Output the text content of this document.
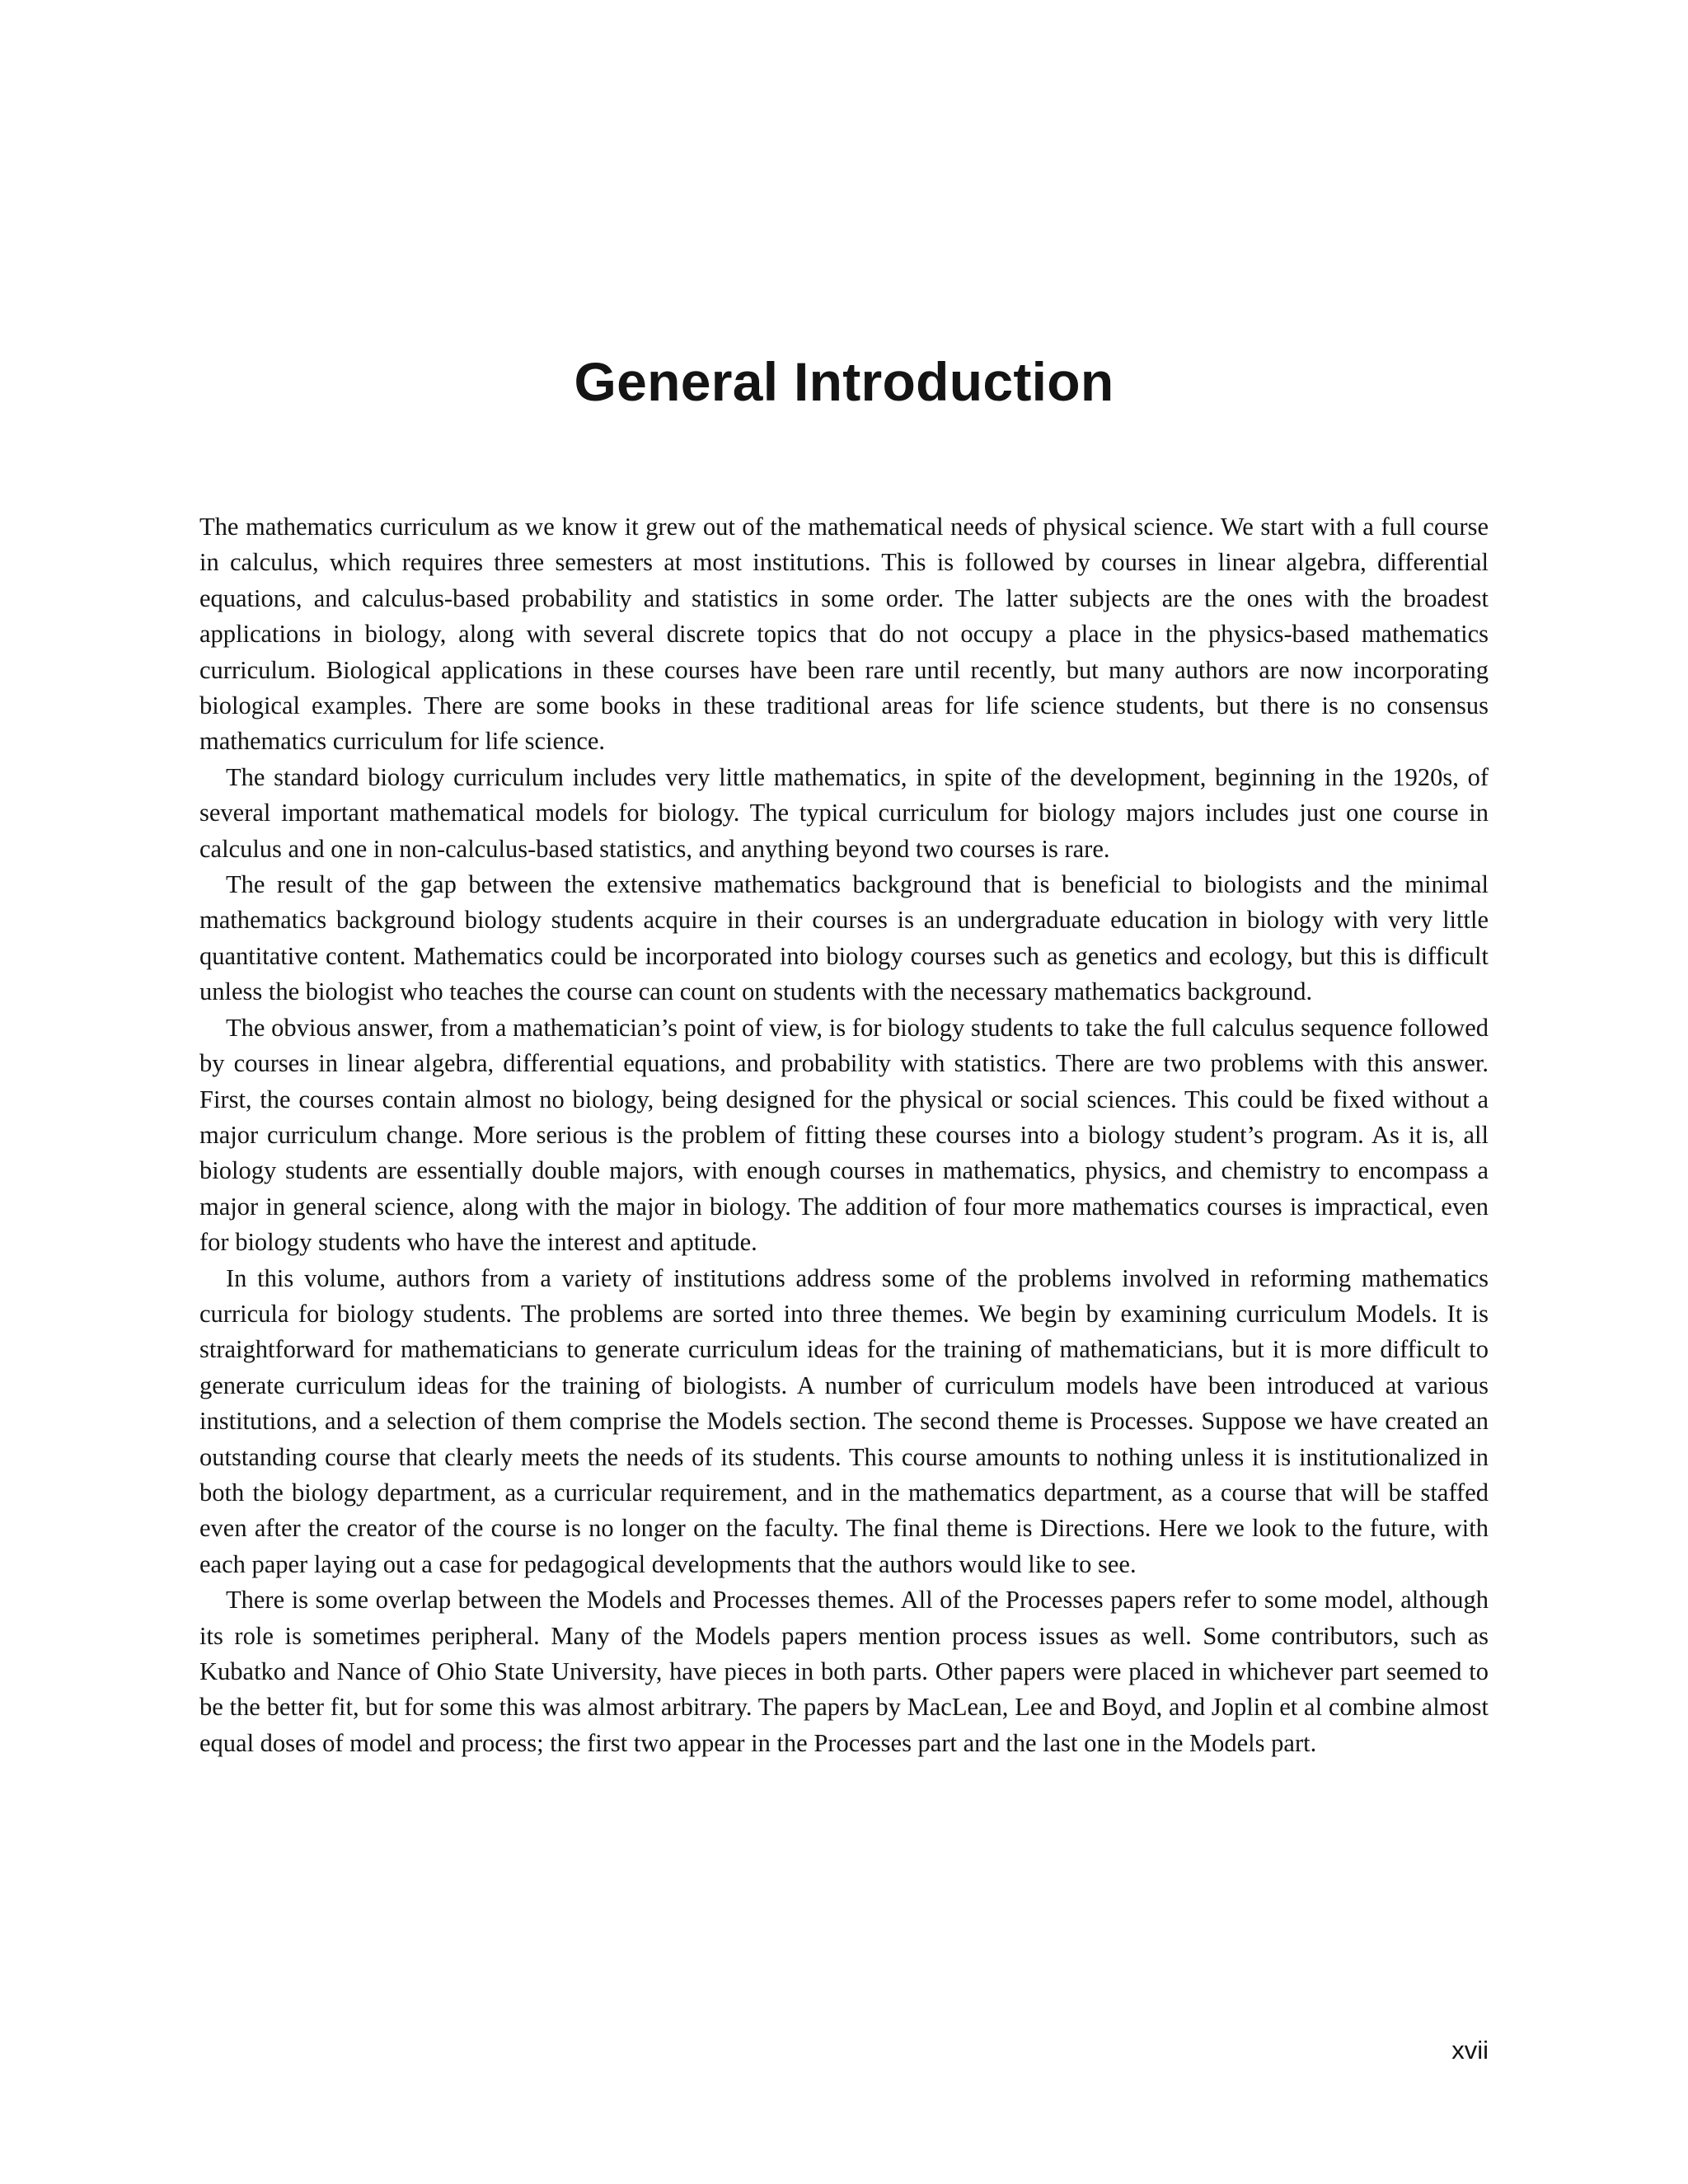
General Introduction

The mathematics curriculum as we know it grew out of the mathematical needs of physical science. We start with a full course in calculus, which requires three semesters at most institutions. This is followed by courses in linear algebra, differential equations, and calculus-based probability and statistics in some order. The latter subjects are the ones with the broadest applications in biology, along with several discrete topics that do not occupy a place in the physics-based mathematics curriculum. Biological applications in these courses have been rare until recently, but many authors are now incorporating biological examples. There are some books in these traditional areas for life science students, but there is no consensus mathematics curriculum for life science.

The standard biology curriculum includes very little mathematics, in spite of the development, beginning in the 1920s, of several important mathematical models for biology. The typical curriculum for biology majors includes just one course in calculus and one in non-calculus-based statistics, and anything beyond two courses is rare.

The result of the gap between the extensive mathematics background that is beneficial to biologists and the minimal mathematics background biology students acquire in their courses is an undergraduate education in biology with very little quantitative content. Mathematics could be incorporated into biology courses such as genetics and ecology, but this is difficult unless the biologist who teaches the course can count on students with the necessary mathematics background.

The obvious answer, from a mathematician’s point of view, is for biology students to take the full calculus sequence followed by courses in linear algebra, differential equations, and probability with statistics. There are two problems with this answer. First, the courses contain almost no biology, being designed for the physical or social sciences. This could be fixed without a major curriculum change. More serious is the problem of fitting these courses into a biology student’s program. As it is, all biology students are essentially double majors, with enough courses in mathematics, physics, and chemistry to encompass a major in general science, along with the major in biology. The addition of four more mathematics courses is impractical, even for biology students who have the interest and aptitude.

In this volume, authors from a variety of institutions address some of the problems involved in reforming mathematics curricula for biology students. The problems are sorted into three themes. We begin by examining curriculum Models. It is straightforward for mathematicians to generate curriculum ideas for the training of mathematicians, but it is more difficult to generate curriculum ideas for the training of biologists. A number of curriculum models have been introduced at various institutions, and a selection of them comprise the Models section. The second theme is Processes. Suppose we have created an outstanding course that clearly meets the needs of its students. This course amounts to nothing unless it is institutionalized in both the biology department, as a curricular requirement, and in the mathematics department, as a course that will be staffed even after the creator of the course is no longer on the faculty. The final theme is Directions. Here we look to the future, with each paper laying out a case for pedagogical developments that the authors would like to see.

There is some overlap between the Models and Processes themes. All of the Processes papers refer to some model, although its role is sometimes peripheral. Many of the Models papers mention process issues as well. Some contributors, such as Kubatko and Nance of Ohio State University, have pieces in both parts. Other papers were placed in whichever part seemed to be the better fit, but for some this was almost arbitrary. The papers by MacLean, Lee and Boyd, and Joplin et al combine almost equal doses of model and process; the first two appear in the Processes part and the last one in the Models part.

xvii
